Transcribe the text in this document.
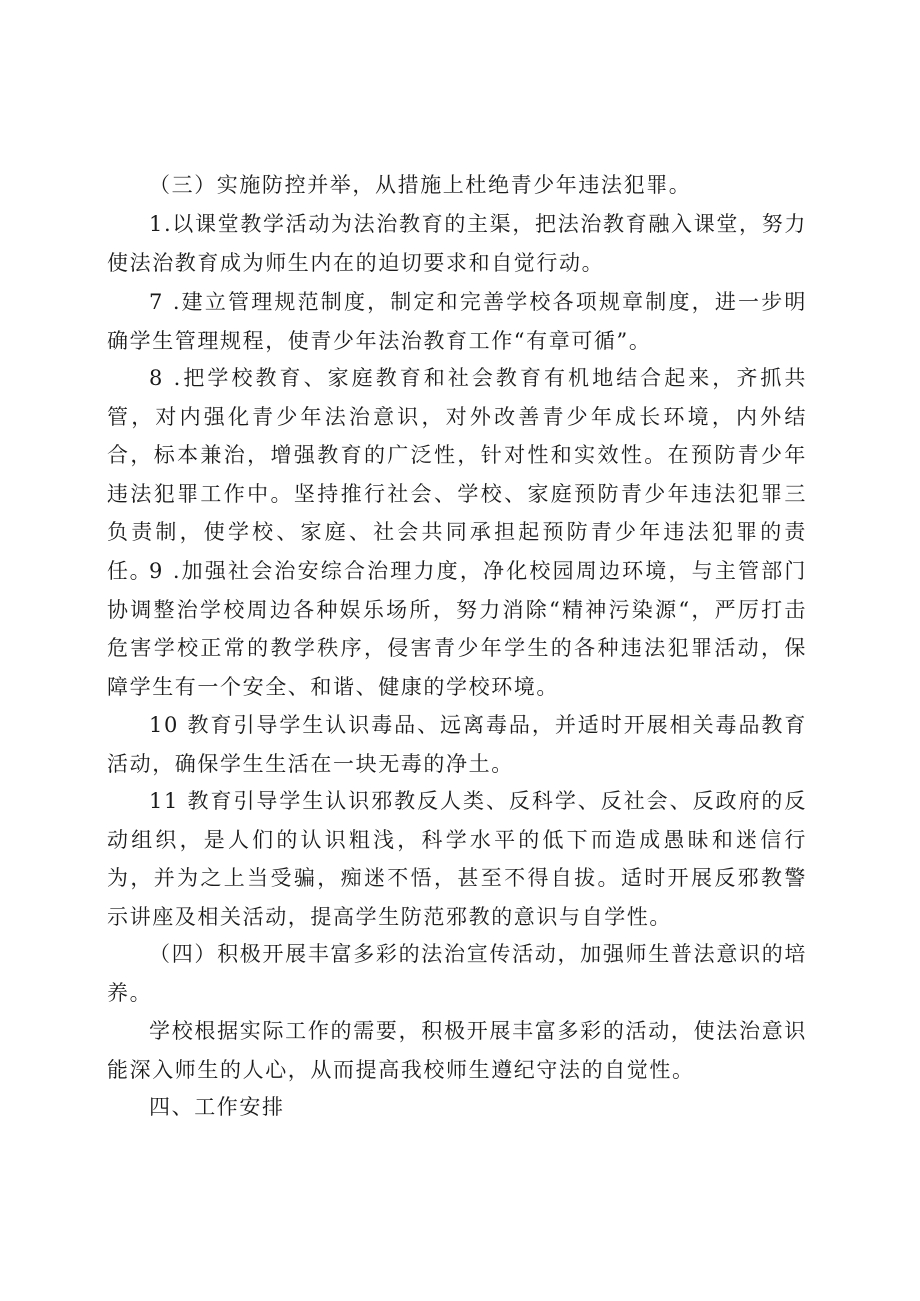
（三）实施防控并举，从措施上杜绝青少年违法犯罪。

1.以课堂教学活动为法治教育的主渠，把法治教育融入课堂，努力使法治教育成为师生内在的迫切要求和自觉行动。

7 .建立管理规范制度，制定和完善学校各项规章制度，进一步明确学生管理规程，使青少年法治教育工作“有章可循”。

8 .把学校教育、家庭教育和社会教育有机地结合起来，齐抓共管，对内强化青少年法治意识，对外改善青少年成长环境，内外结合，标本兼治，增强教育的广泛性，针对性和实效性。在预防青少年违法犯罪工作中。坚持推行社会、学校、家庭预防青少年违法犯罪三负责制，使学校、家庭、社会共同承担起预防青少年违法犯罪的责任。

9 .加强社会治安综合治理力度，净化校园周边环境，与主管部门协调整治学校周边各种娱乐场所，努力消除“精神污染源“，严厉打击危害学校正常的教学秩序，侵害青少年学生的各种违法犯罪活动，保障学生有一个安全、和谐、健康的学校环境。

10 教育引导学生认识毒品、远离毒品，并适时开展相关毒品教育活动，确保学生生活在一块无毒的净土。

11 教育引导学生认识邪教反人类、反科学、反社会、反政府的反动组织，是人们的认识粗浅，科学水平的低下而造成愚昧和迷信行为，并为之上当受骗，痴迷不悟，甚至不得自拔。适时开展反邪教警示讲座及相关活动，提高学生防范邪教的意识与自学性。

（四）积极开展丰富多彩的法治宣传活动，加强师生普法意识的培养。

学校根据实际工作的需要，积极开展丰富多彩的活动，使法治意识能深入师生的人心，从而提高我校师生遵纪守法的自觉性。

四、工作安排
